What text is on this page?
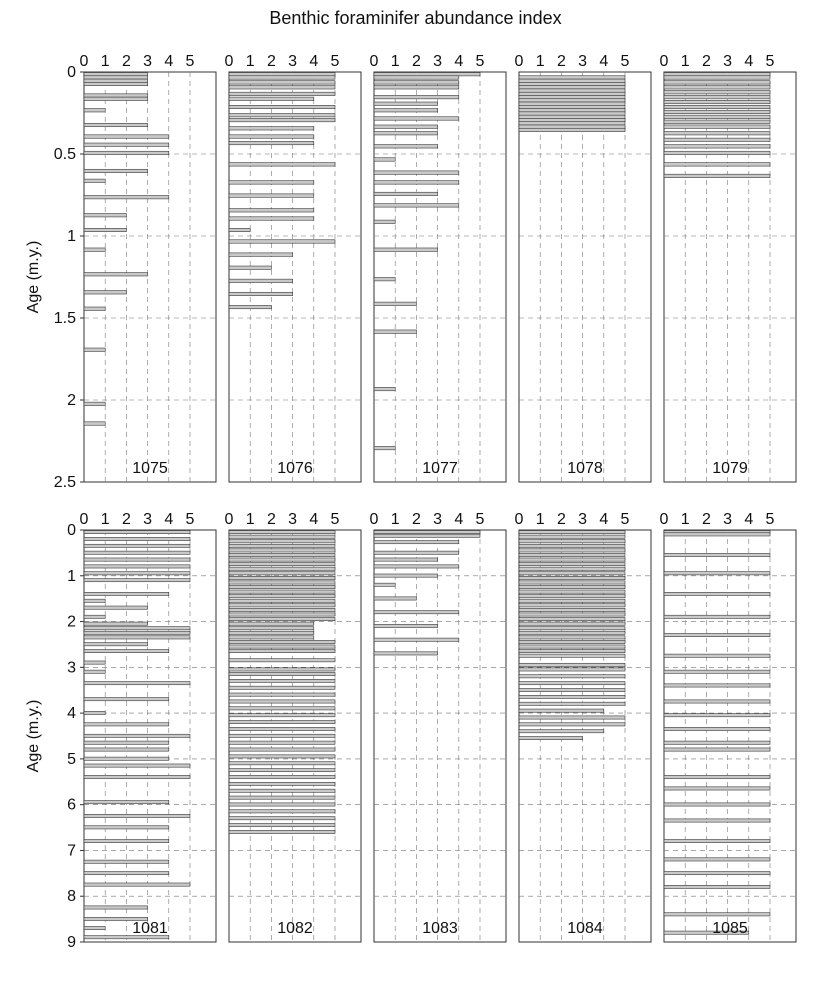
Benthic foraminifer abundance index
0 1 2 3 4 5
0
0.5
1
1.5
2
2.5
Age (m.y.)
1075
0 1 2 3 4 5
1076
0 1 2 3 4 5
1077
0 1 2 3 4 5
1078
0 1 2 3 4 5
1079
0 1 2 3 4 5
0
1
2
3
4
5
6
7
8
9
Age (m.y.)
1081
0 1 2 3 4 5
1082
0 1 2 3 4 5
1083
0 1 2 3 4 5
1084
0 1 2 3 4 5
1085
